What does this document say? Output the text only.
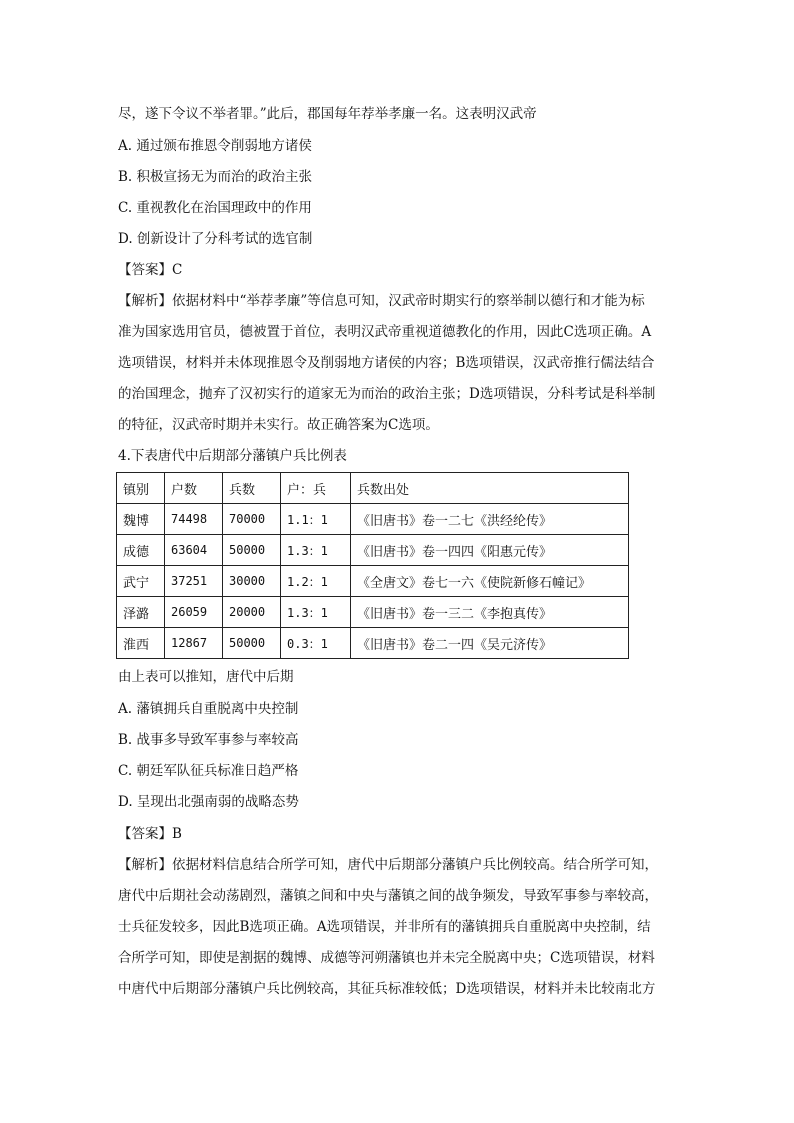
尽，遂下令议不举者罪。”此后，郡国每年荐举孝廉一名。这表明汉武帝
A. 通过颁布推恩令削弱地方诸侯
B. 积极宣扬无为而治的政治主张
C. 重视教化在治国理政中的作用
D. 创新设计了分科考试的选官制
【答案】C
【解析】依据材料中“举荐孝廉”等信息可知，汉武帝时期实行的察举制以德行和才能为标
准为国家选用官员，德被置于首位，表明汉武帝重视道德教化的作用，因此C选项正确。A
选项错误，材料并未体现推恩令及削弱地方诸侯的内容；B选项错误，汉武帝推行儒法结合
的治国理念，抛弃了汉初实行的道家无为而治的政治主张；D选项错误，分科考试是科举制
的特征，汉武帝时期并未实行。故正确答案为C选项。
4.下表唐代中后期部分藩镇户兵比例表
镇别	户数	兵数	户：兵	兵数出处
魏博	74498	70000	1.1：1	《旧唐书》卷一二七《洪经纶传》
成德	63604	50000	1.3：1	《旧唐书》卷一四四《阳惠元传》
武宁	37251	30000	1.2：1	《全唐文》卷七一六《使院新修石幢记》
泽潞	26059	20000	1.3：1	《旧唐书》卷一三二《李抱真传》
淮西	12867	50000	0.3：1	《旧唐书》卷二一四《吴元济传》
由上表可以推知，唐代中后期
A. 藩镇拥兵自重脱离中央控制
B. 战事多导致军事参与率较高
C. 朝廷军队征兵标准日趋严格
D. 呈现出北强南弱的战略态势
【答案】B
【解析】依据材料信息结合所学可知，唐代中后期部分藩镇户兵比例较高。结合所学可知，
唐代中后期社会动荡剧烈，藩镇之间和中央与藩镇之间的战争频发，导致军事参与率较高，
士兵征发较多，因此B选项正确。A选项错误，并非所有的藩镇拥兵自重脱离中央控制，结
合所学可知，即使是割据的魏博、成德等河朔藩镇也并未完全脱离中央；C选项错误，材料
中唐代中后期部分藩镇户兵比例较高，其征兵标准较低；D选项错误，材料并未比较南北方
